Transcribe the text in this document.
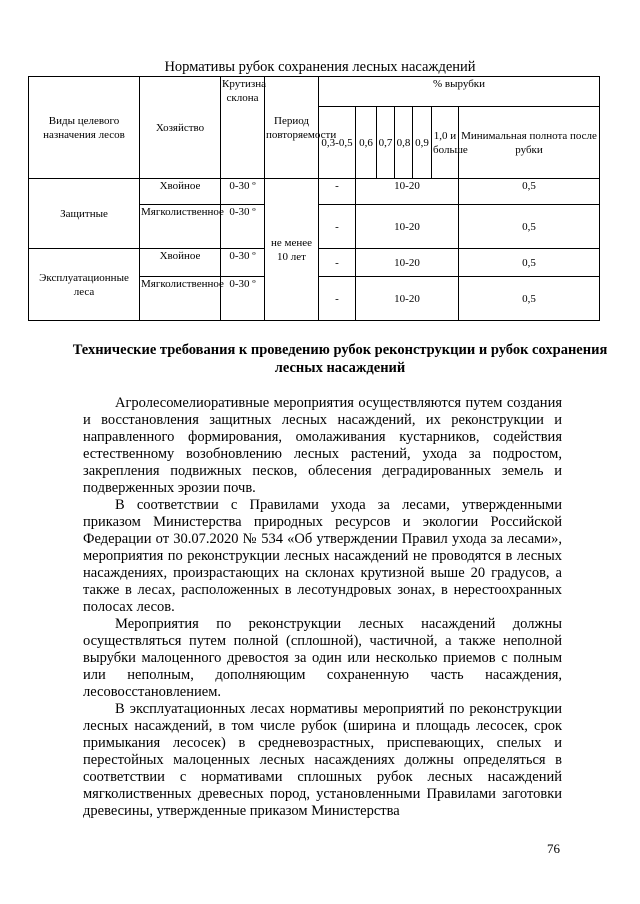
Нормативы рубок сохранения лесных насаждений
Виды целевого назначения лесов	Хозяйство	Крутизна склона	Период повторяемости	% вырубки						
				0,3-0,5	0,6	0,7	0,8	0,9	1,0 и больше	Минимальная полнота после рубки
Защитные	Хвойное	0-30 º	не менее 10 лет	-	10-20					0,5
	Мягколиственное	0-30 º		-	10-20					0,5
Эксплуатационные леса	Хвойное	0-30 º		-	10-20					0,5
	Мягколиственное	0-30 º		-	10-20					0,5
Технические требования к проведению рубок реконструкции и рубок сохранения лесных насаждений

Агролесомелиоративные мероприятия осуществляются путем создания и восстановления защитных лесных насаждений, их реконструкции и направленного формирования, омолаживания кустарников, содействия естественному возобновлению лесных растений, ухода за подростом, закрепления подвижных песков, облесения деградированных земель и подверженных эрозии почв.

В соответствии с Правилами ухода за лесами, утвержденными приказом Министерства природных ресурсов и экологии Российской Федерации от 30.07.2020 № 534 «Об утверждении Правил ухода за лесами», мероприятия по реконструкции лесных насаждений не проводятся в лесных насаждениях, произрастающих на склонах крутизной выше 20 градусов, а также в лесах, расположенных в лесотундровых зонах, в нерестоохранных полосах лесов.

Мероприятия по реконструкции лесных насаждений должны осуществляться путем полной (сплошной), частичной, а также неполной вырубки малоценного древостоя за один или несколько приемов с полным или неполным, дополняющим сохраненную часть насаждения, лесовосстановлением.

В эксплуатационных лесах нормативы мероприятий по реконструкции лесных насаждений, в том числе рубок (ширина и площадь лесосек, срок примыкания лесосек) в средневозрастных, приспевающих, спелых и перестойных малоценных лесных насаждениях должны определяться в соответствии с нормативами сплошных рубок лесных насаждений мягколиственных древесных пород, установленными Правилами заготовки древесины, утвержденные приказом Министерства

76
